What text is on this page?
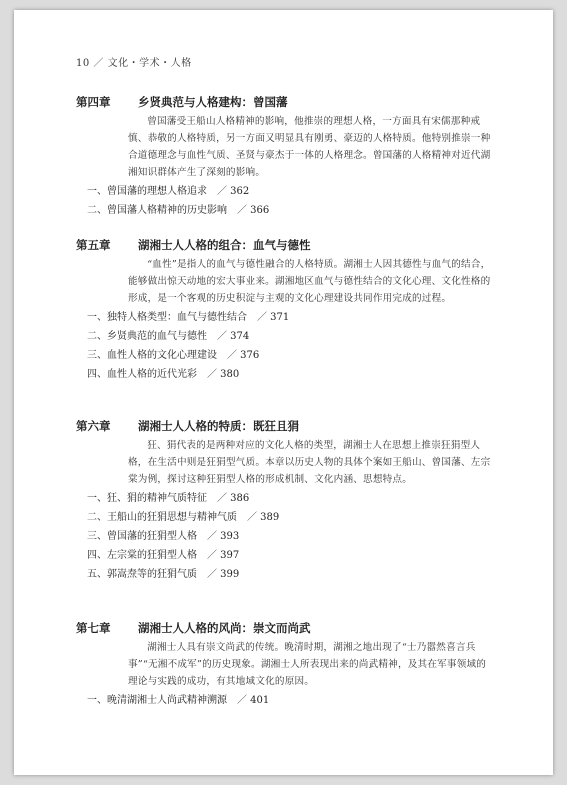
10 ／ 文化・学术・人格
第四章 乡贤典范与人格建构：曾国藩
曾国藩受王船山人格精神的影响，他推崇的理想人格，一方面具有宋儒那种戒慎、恭敬的人格特质，另一方面又明显具有刚勇、豪迈的人格特质。他特别推崇一种合道德理念与血性气质、圣贤与豪杰于一体的人格理念。曾国藩的人格精神对近代湖湘知识群体产生了深刻的影响。
一、曾国藩的理想人格追求 ／ 362
二、曾国藩人格精神的历史影响 ／ 366
第五章 湖湘士人人格的组合：血气与德性
“血性”是指人的血气与德性融合的人格特质。湖湘士人因其德性与血气的结合，能够做出惊天动地的宏大事业来。湖湘地区血气与德性结合的文化心理、文化性格的形成，是一个客观的历史积淀与主观的文化心理建设共同作用完成的过程。
一、独特人格类型：血气与德性结合 ／ 371
二、乡贤典范的血气与德性 ／ 374
三、血性人格的文化心理建设 ／ 376
四、血性人格的近代光彩 ／ 380
第六章 湖湘士人人格的特质：既狂且狷
狂、狷代表的是两种对应的文化人格的类型，湖湘士人在思想上推崇狂狷型人格，在生活中则是狂狷型气质。本章以历史人物的具体个案如王船山、曾国藩、左宗棠为例，探讨这种狂狷型人格的形成机制、文化内涵、思想特点。
一、狂、狷的精神气质特征 ／ 386
二、王船山的狂狷思想与精神气质 ／ 389
三、曾国藩的狂狷型人格 ／ 393
四、左宗棠的狂狷型人格 ／ 397
五、郭嵩焘等的狂狷气质 ／ 399
第七章 湖湘士人人格的风尚：崇文而尚武
湖湘士人具有崇文尚武的传统。晚清时期，湖湘之地出现了“士乃嚣然喜言兵事”“无湘不成军”的历史现象。湖湘士人所表现出来的尚武精神，及其在军事领域的理论与实践的成功，有其地域文化的原因。
一、晚清湖湘士人尚武精神溯源 ／ 401
